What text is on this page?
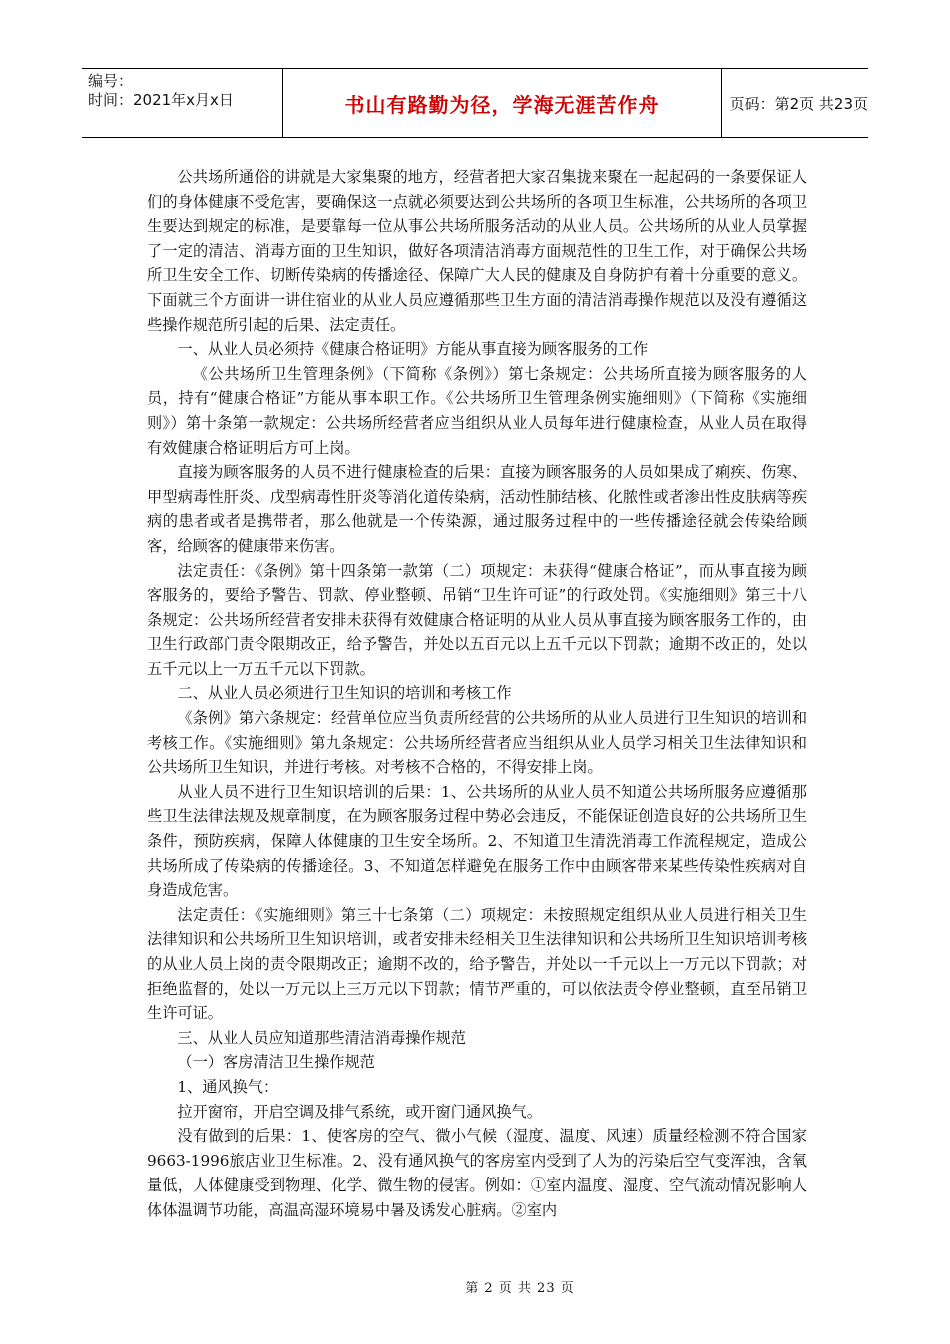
编号：
时间：2021年x月x日	书山有路勤为径，学海无涯苦作舟	页码：第2页 共23页

公共场所通俗的讲就是大家集聚的地方，经营者把大家召集拢来聚在一起起码的一条要保证人们的身体健康不受危害，要确保这一点就必须要达到公共场所的各项卫生标准，公共场所的各项卫生要达到规定的标准，是要靠每一位从事公共场所服务活动的从业人员。公共场所的从业人员掌握了一定的清洁、消毒方面的卫生知识，做好各项清洁消毒方面规范性的卫生工作，对于确保公共场所卫生安全工作、切断传染病的传播途径、保障广大人民的健康及自身防护有着十分重要的意义。下面就三个方面讲一讲住宿业的从业人员应遵循那些卫生方面的清洁消毒操作规范以及没有遵循这些操作规范所引起的后果、法定责任。

一、从业人员必须持《健康合格证明》方能从事直接为顾客服务的工作

《公共场所卫生管理条例》（下简称《条例》）第七条规定：公共场所直接为顾客服务的人员，持有“健康合格证”方能从事本职工作。《公共场所卫生管理条例实施细则》（下简称《实施细则》）第十条第一款规定：公共场所经营者应当组织从业人员每年进行健康检查，从业人员在取得有效健康合格证明后方可上岗。

直接为顾客服务的人员不进行健康检查的后果：直接为顾客服务的人员如果成了痢疾、伤寒、甲型病毒性肝炎、戊型病毒性肝炎等消化道传染病，活动性肺结核、化脓性或者渗出性皮肤病等疾病的患者或者是携带者，那么他就是一个传染源，通过服务过程中的一些传播途径就会传染给顾客，给顾客的健康带来伤害。

法定责任：《条例》第十四条第一款第（二）项规定：未获得“健康合格证”，而从事直接为顾客服务的，要给予警告、罚款、停业整顿、吊销“卫生许可证”的行政处罚。《实施细则》第三十八条规定：公共场所经营者安排未获得有效健康合格证明的从业人员从事直接为顾客服务工作的，由卫生行政部门责令限期改正，给予警告，并处以五百元以上五千元以下罚款；逾期不改正的，处以五千元以上一万五千元以下罚款。

二、从业人员必须进行卫生知识的培训和考核工作

《条例》第六条规定：经营单位应当负责所经营的公共场所的从业人员进行卫生知识的培训和考核工作。《实施细则》第九条规定：公共场所经营者应当组织从业人员学习相关卫生法律知识和公共场所卫生知识，并进行考核。对考核不合格的，不得安排上岗。

从业人员不进行卫生知识培训的后果：1、公共场所的从业人员不知道公共场所服务应遵循那些卫生法律法规及规章制度，在为顾客服务过程中势必会违反，不能保证创造良好的公共场所卫生条件，预防疾病，保障人体健康的卫生安全场所。2、不知道卫生清洗消毒工作流程规定，造成公共场所成了传染病的传播途径。3、不知道怎样避免在服务工作中由顾客带来某些传染性疾病对自身造成危害。

法定责任：《实施细则》第三十七条第（二）项规定：未按照规定组织从业人员进行相关卫生法律知识和公共场所卫生知识培训，或者安排未经相关卫生法律知识和公共场所卫生知识培训考核的从业人员上岗的责令限期改正；逾期不改的，给予警告，并处以一千元以上一万元以下罚款；对拒绝监督的，处以一万元以上三万元以下罚款；情节严重的，可以依法责令停业整顿，直至吊销卫生许可证。

三、从业人员应知道那些清洁消毒操作规范

（一）客房清洁卫生操作规范

1、通风换气：

拉开窗帘，开启空调及排气系统，或开窗门通风换气。

没有做到的后果：1、使客房的空气、微小气候（湿度、温度、风速）质量经检测不符合国家9663-1996旅店业卫生标准。2、没有通风换气的客房室内受到了人为的污染后空气变浑浊，含氧量低，人体健康受到物理、化学、微生物的侵害。例如：①室内温度、湿度、空气流动情况影响人体体温调节功能，高温高湿环境易中暑及诱发心脏病。②室内

第 2 页 共 23 页
